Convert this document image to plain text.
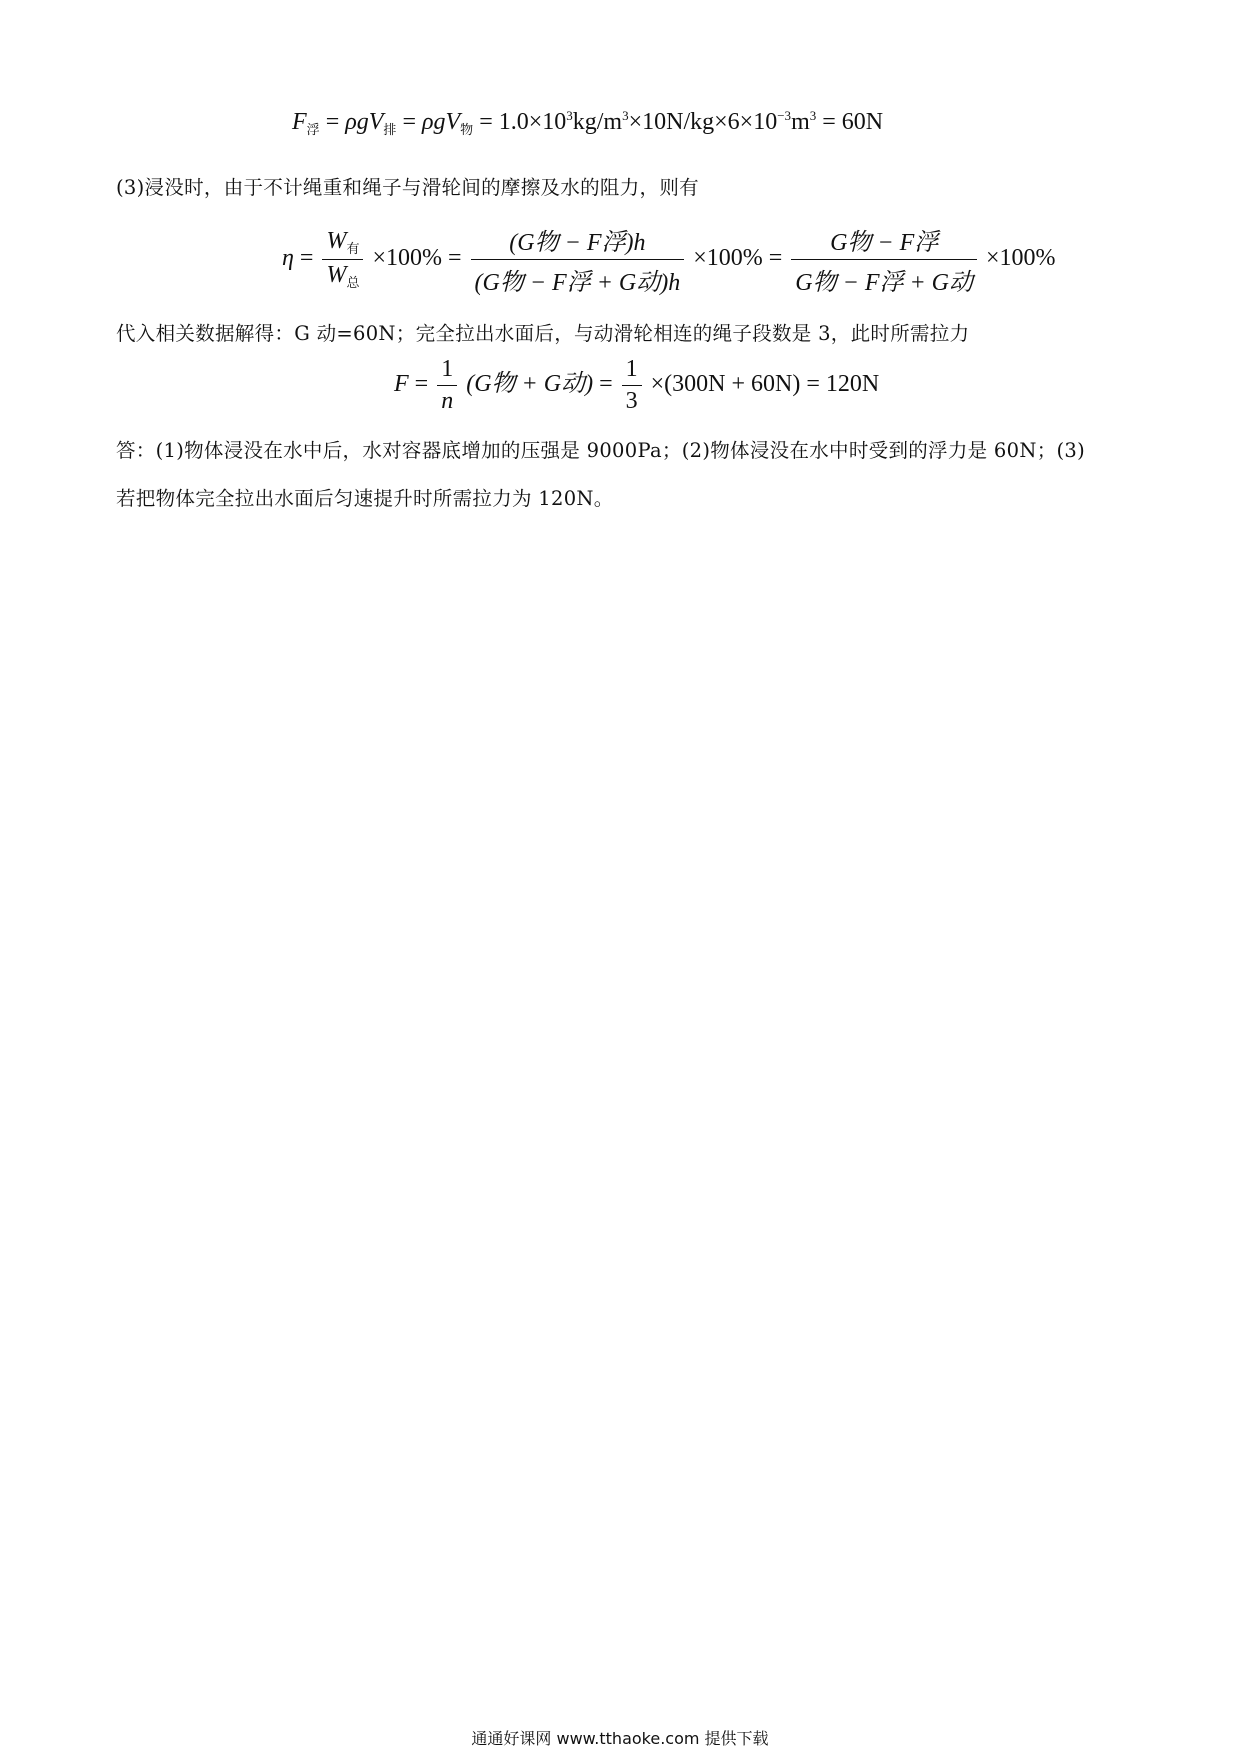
$F_浮 = \rho gV_排 = \rho gV_物 = 1.0\times 10^3kg/m^3\times 10N/kg\times 6\times 10^{-3}m^3 = 60N$
(3)浸没时，由于不计绳重和绳子与滑轮间的摩擦及水的阻力，则有
$\eta = \frac{W_有}{W_总} \times 100\% = \frac{\text{(G物 − F浮)h}}{\text{(G物 − F浮 + G动)h}} \times 100\% = \frac{\text{G物 − F浮}}{\text{G物 − F浮 + G动}} \times 100\%$
代入相关数据解得：G 动=60N；完全拉出水面后，与动滑轮相连的绳子段数是 3，此时所需拉力
$F = \frac{1}{n} (G$物 + G动) = $\frac{1}{3} \times(300N + 60N) = 120N$
答：(1)物体浸没在水中后，水对容器底增加的压强是 9000Pa；(2)物体浸没在水中时受到的浮力是 60N；(3)
若把物体完全拉出水面后匀速提升时所需拉力为 120N。
通通好课网 www.tthaoke.com 提供下载
